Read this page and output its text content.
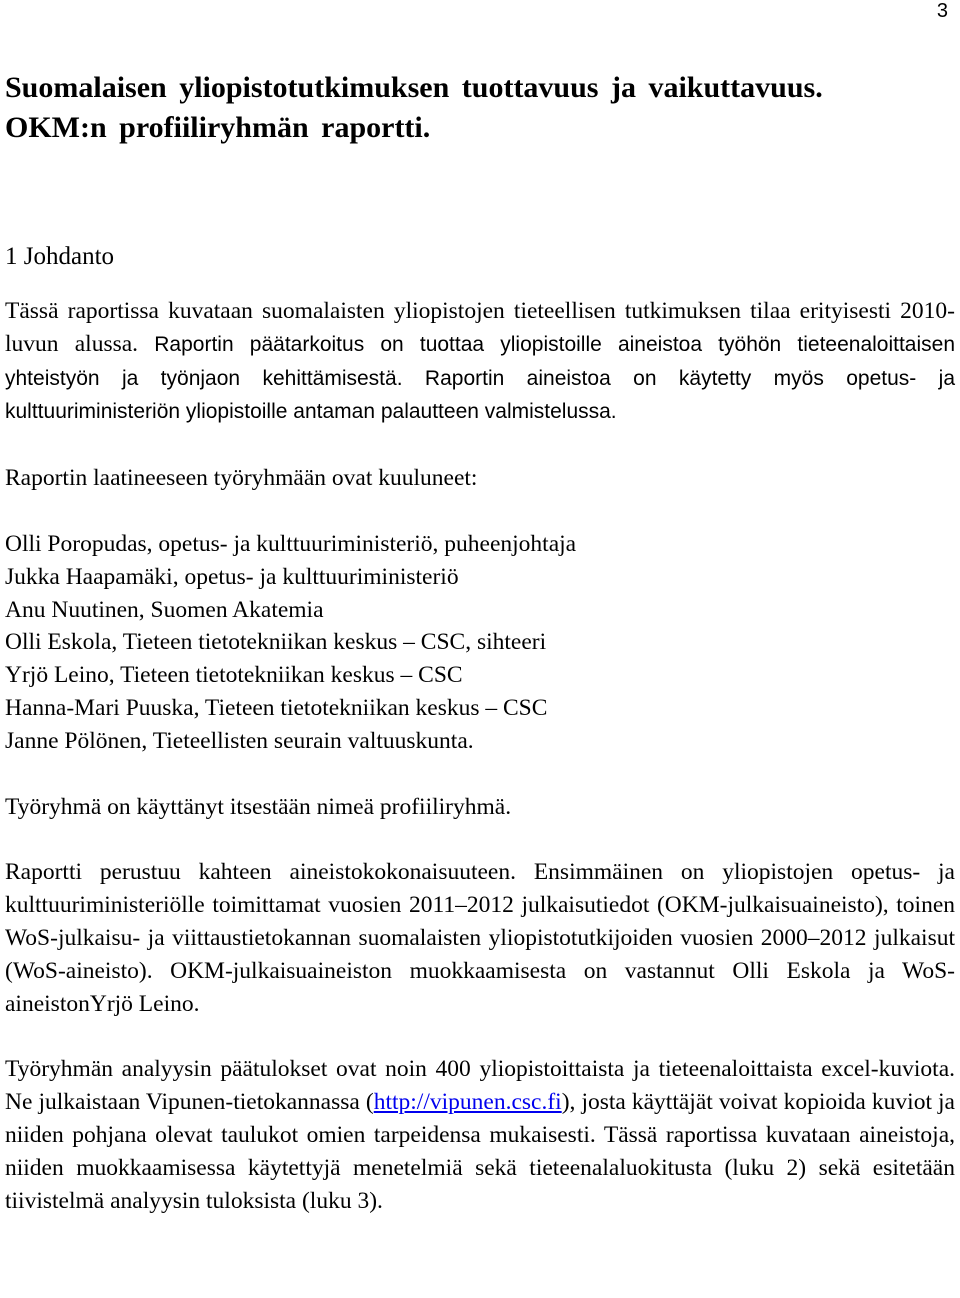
3
Suomalaisen yliopistotutkimuksen tuottavuus ja vaikuttavuus.
OKM:n profiiliryhmän raportti.
1 Johdanto

Tässä raportissa kuvataan suomalaisten yliopistojen tieteellisen tutkimuksen tilaa erityisesti 2010-luvun alussa. Raportin päätarkoitus on tuottaa yliopistoille aineistoa työhön tieteenaloittaisen yhteistyön ja työnjaon kehittämisestä. Raportin aineistoa on käytetty myös opetus- ja kulttuuriministeriön yliopistoille antaman palautteen valmistelussa.

Raportin laatineeseen työryhmään ovat kuuluneet:

Olli Poropudas, opetus- ja kulttuuriministeriö, puheenjohtaja
Jukka Haapamäki, opetus- ja kulttuuriministeriö
Anu Nuutinen, Suomen Akatemia
Olli Eskola, Tieteen tietotekniikan keskus – CSC, sihteeri
Yrjö Leino, Tieteen tietotekniikan keskus – CSC
Hanna-Mari Puuska, Tieteen tietotekniikan keskus – CSC
Janne Pölönen, Tieteellisten seurain valtuuskunta.

Työryhmä on käyttänyt itsestään nimeä profiiliryhmä.

Raportti perustuu kahteen aineistokokonaisuuteen. Ensimmäinen on yliopistojen opetus- ja kulttuuriministeriölle toimittamat vuosien 2011–2012 julkaisutiedot (OKM-julkaisuaineisto), toinen WoS-julkaisu- ja viittaustietokannan suomalaisten yliopistotutkijoiden vuosien 2000–2012 julkaisut (WoS-aineisto). OKM-julkaisuaineiston muokkaamisesta on vastannut Olli Eskola ja WoS-aineistonYrjö Leino.

Työryhmän analyysin päätulokset ovat noin 400 yliopistoittaista ja tieteenaloittaista excel-kuviota. Ne julkaistaan Vipunen-tietokannassa (http://vipunen.csc.fi), josta käyttäjät voivat kopioida kuviot ja niiden pohjana olevat taulukot omien tarpeidensa mukaisesti. Tässä raportissa kuvataan aineistoja, niiden muokkaamisessa käytettyjä menetelmiä sekä tieteenalaluokitusta (luku 2) sekä esitetään tiivistelmä analyysin tuloksista (luku 3).
